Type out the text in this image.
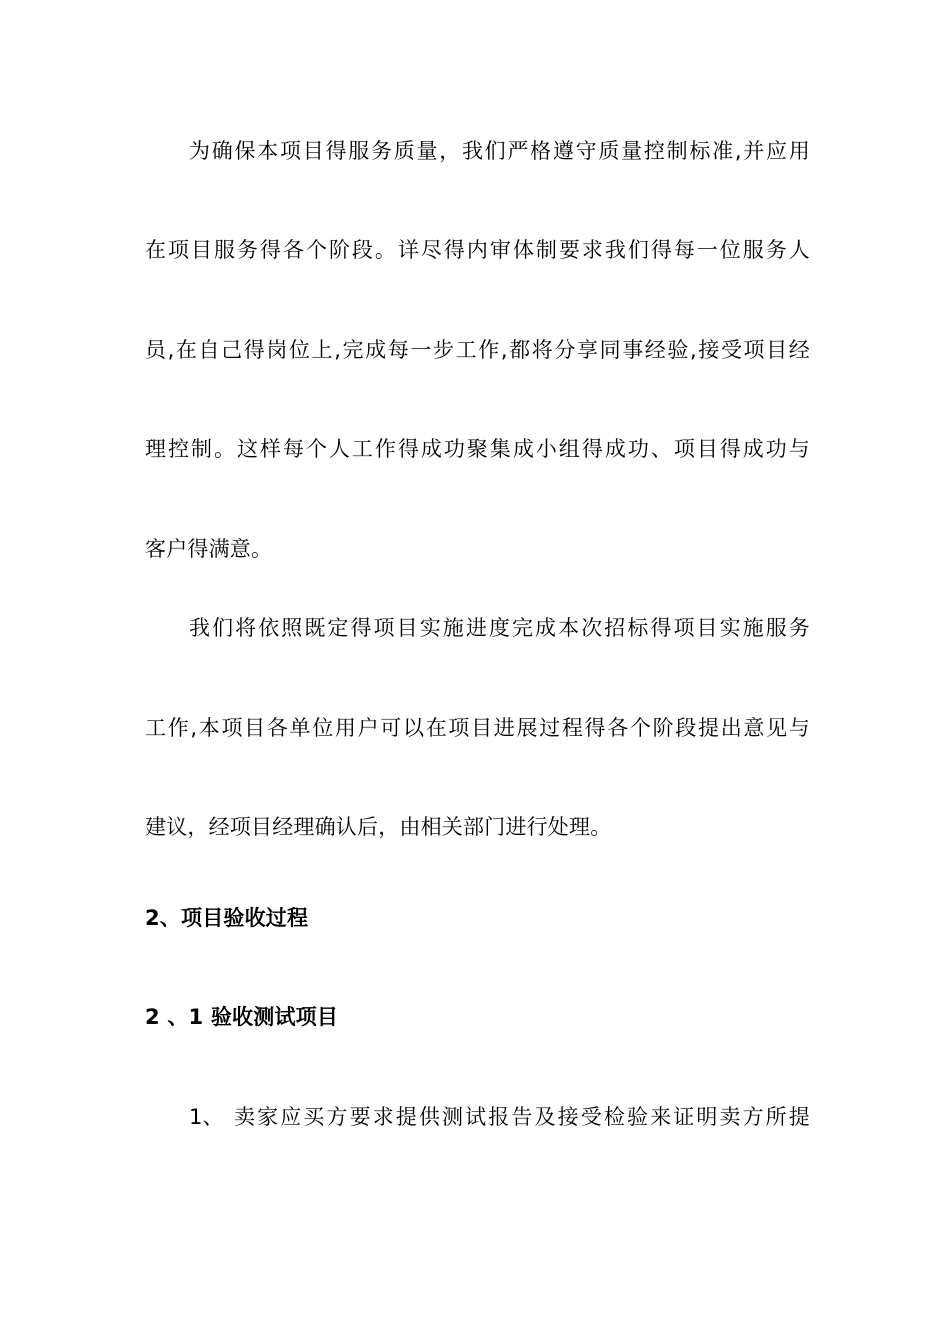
为确保本项目得服务质量，我们严格遵守质量控制标准,并应用
在项目服务得各个阶段。详尽得内审体制要求我们得每一位服务人
员,在自己得岗位上,完成每一步工作,都将分享同事经验,接受项目经
理控制。这样每个人工作得成功聚集成小组得成功、项目得成功与
客户得满意。
我们将依照既定得项目实施进度完成本次招标得项目实施服务
工作,本项目各单位用户可以在项目进展过程得各个阶段提出意见与
建议，经项目经理确认后，由相关部门进行处理。
2、项目验收过程
2 、1 验收测试项目
1、 卖家应买方要求提供测试报告及接受检验来证明卖方所提
